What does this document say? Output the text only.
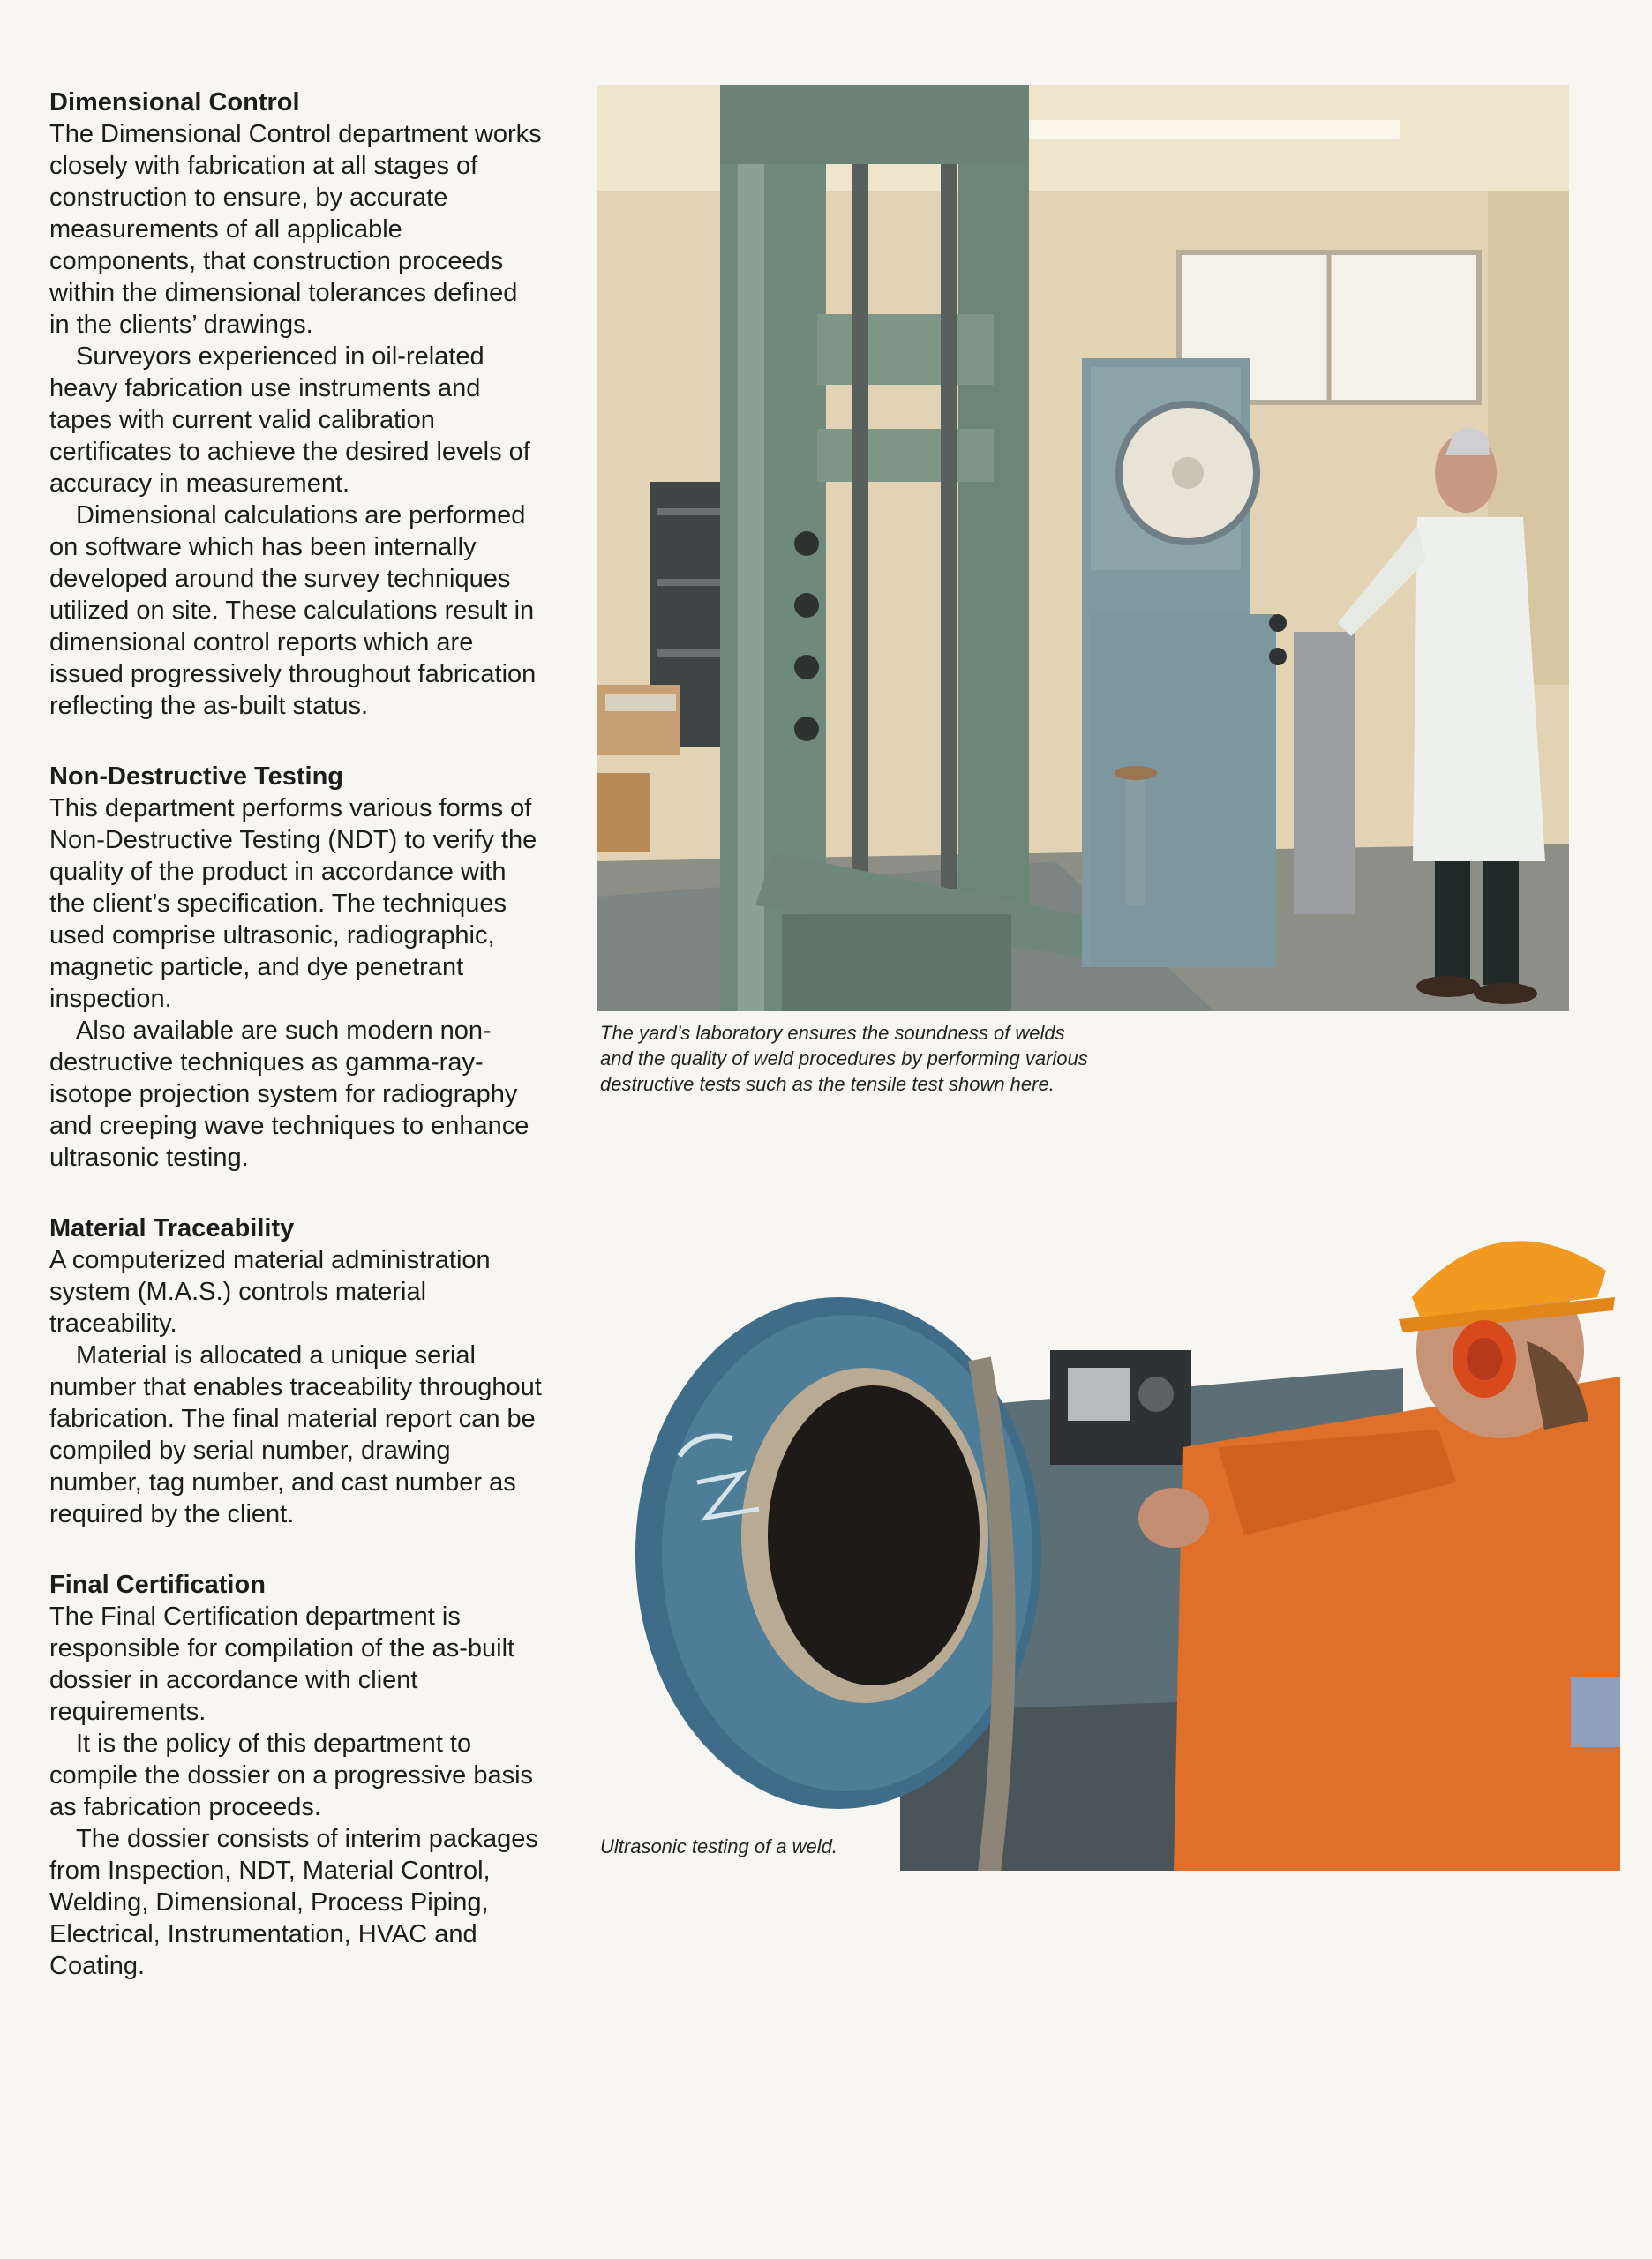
Dimensional Control

The Dimensional Control department works closely with fabrication at all stages of construction to ensure, by accurate measurements of all applicable components, that construction proceeds within the dimensional tolerances defined in the clients’ drawings.

Surveyors experienced in oil-related heavy fabrication use instruments and tapes with current valid calibration certificates to achieve the desired levels of accuracy in measurement.

Dimensional calculations are performed on software which has been internally developed around the survey techniques utilized on site. These calculations result in dimensional control reports which are issued progressively throughout fabrication reflecting the as-built status.

Non-Destructive Testing

This department performs various forms of Non-Destructive Testing (NDT) to verify the quality of the product in accordance with the client’s specification. The techniques used comprise ultrasonic, radiographic, magnetic particle, and dye penetrant inspection.

Also available are such modern non-destructive techniques as gamma-ray-isotope projection system for radiography and creeping wave techniques to enhance ultrasonic testing.

Material Traceability

A computerized material administration system (M.A.S.) controls material traceability.

Material is allocated a unique serial number that enables traceability throughout fabrication. The final material report can be compiled by serial number, drawing number, tag number, and cast number as required by the client.

Final Certification

The Final Certification department is responsible for compilation of the as-built dossier in accordance with client requirements.

It is the policy of this department to compile the dossier on a progressive basis as fabrication proceeds.

The dossier consists of interim packages from Inspection, NDT, Material Control, Welding, Dimensional, Process Piping, Electrical, Instrumentation, HVAC and Coating.

The yard’s laboratory ensures the soundness of welds and the quality of weld procedures by performing various destructive tests such as the tensile test shown here.
Ultrasonic testing of a weld.
